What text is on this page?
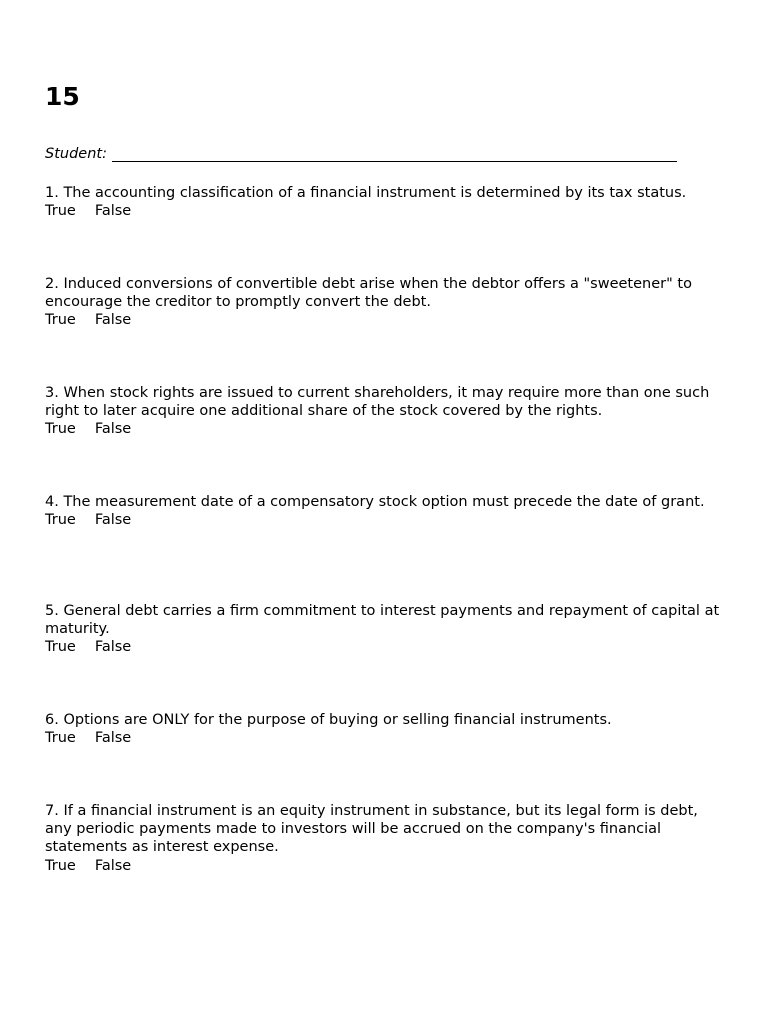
15
Student:
1. The accounting classification of a financial instrument is determined by its tax status.
True False
2. Induced conversions of convertible debt arise when the debtor offers a "sweetener" to encourage the creditor to promptly convert the debt.
True False
3. When stock rights are issued to current shareholders, it may require more than one such right to later acquire one additional share of the stock covered by the rights.
True False
4. The measurement date of a compensatory stock option must precede the date of grant.
True False
5. General debt carries a firm commitment to interest payments and repayment of capital at maturity.
True False
6. Options are ONLY for the purpose of buying or selling financial instruments.
True False
7. If a financial instrument is an equity instrument in substance, but its legal form is debt, any periodic payments made to investors will be accrued on the company's financial statements as interest expense.
True False
